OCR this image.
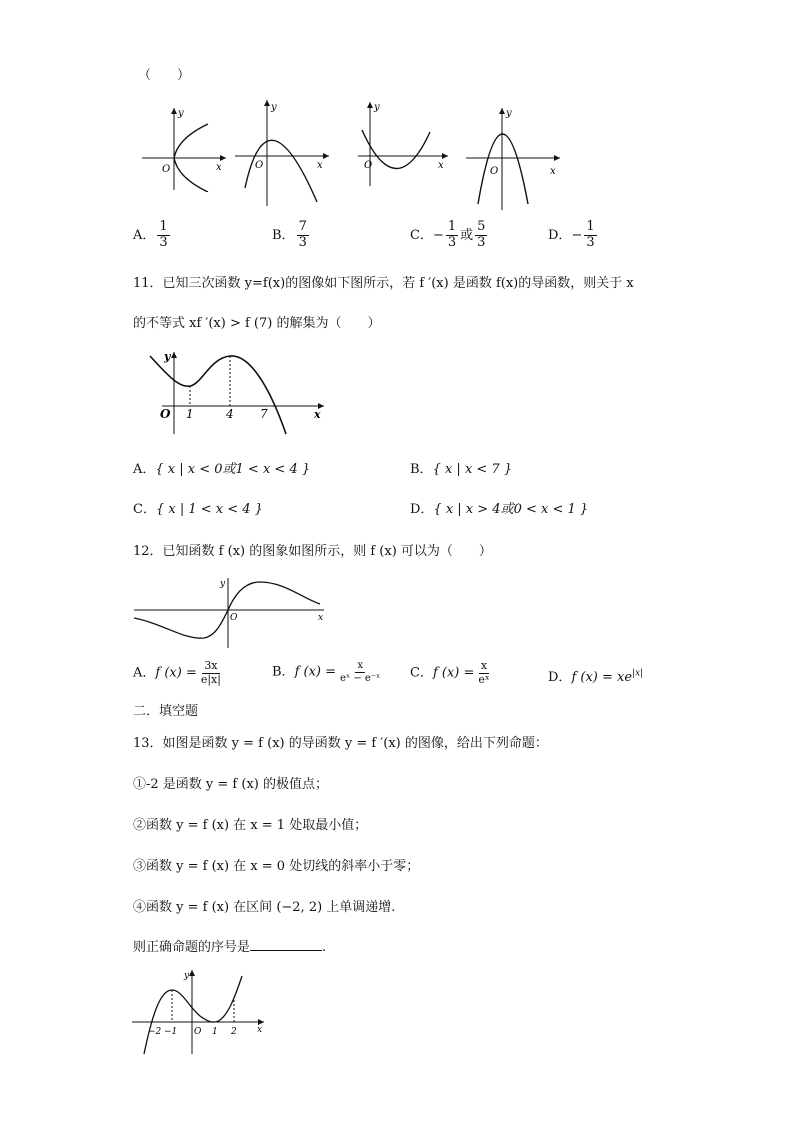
（　　）
y
x
O
y
x
O
y
x
O
y
x
O
A． $\frac{1}{3}$	B． $\frac{7}{3}$	C．− $\frac{1}{3}$ 或 $\frac{5}{3}$	D．− $\frac{1}{3}$
11．已知三次函数 y=f(x)的图像如下图所示，若 f ′(x) 是函数 f(x)的导函数，则关于 x
的不等式 xf ′(x) > f (7) 的解集为（　　）
y
x
O 1	4 7
A．{ x | x < 0或1 < x < 4 }	B．{ x | x < 7 }
C．{ x | 1 < x < 4 }	D．{ x | x > 4或0 < x < 1 }
12．已知函数 f (x) 的图象如图所示，则 f (x) 可以为（　　）
y
x
O
A．f $(x) = \frac{3x}{e|x|}$	B．f $(x) = \frac{x}{\text{eˣ − e⁻ˣ}}$ C．f $(x) = \frac{x}{\text{eˣ}}$	D．f $(x) = xe^{|x|}$
二．填空题
13．如图是函数 y = f (x) 的导函数 y = f ′(x) 的图像，给出下列命题：
①-2 是函数 y = f (x) 的极值点；
②函数 y = f (x) 在 x = 1 处取最小值；
③函数 y = f (x) 在 x = 0 处切线的斜率小于零；
④函数 y = f (x) 在区间 (−2, 2) 上单调递增.
则正确命题的序号是	.
y
x
−2 −1 O 1 2
